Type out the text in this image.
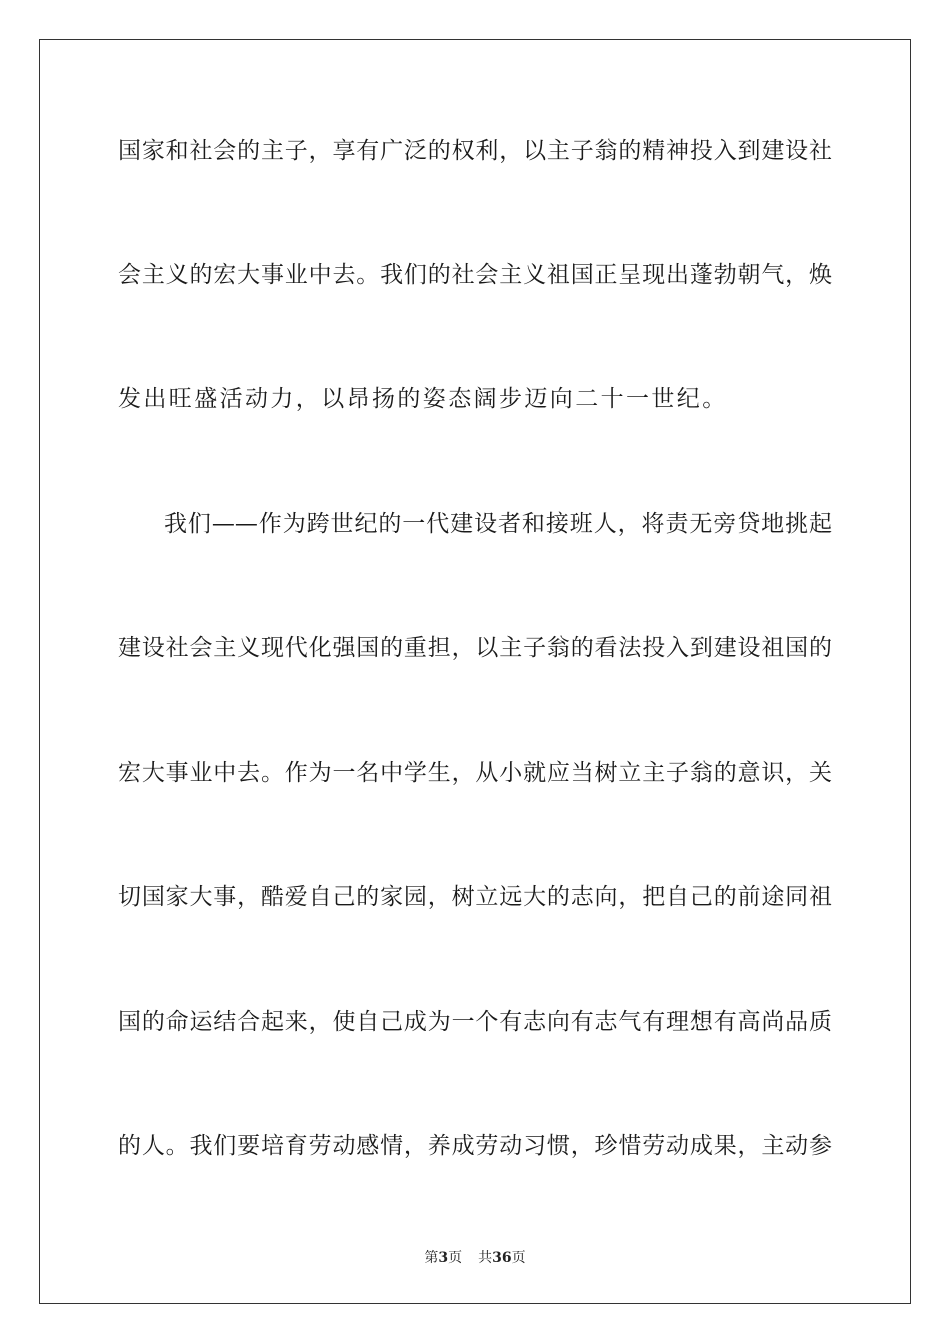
国家和社会的主子，享有广泛的权利，以主子翁的精神投入到建设社
会主义的宏大事业中去。我们的社会主义祖国正呈现出蓬勃朝气，焕
发出旺盛活动力，以昂扬的姿态阔步迈向二十一世纪。
我们——作为跨世纪的一代建设者和接班人，将责无旁贷地挑起
建设社会主义现代化强国的重担，以主子翁的看法投入到建设祖国的
宏大事业中去。作为一名中学生，从小就应当树立主子翁的意识，关
切国家大事，酷爱自己的家园，树立远大的志向，把自己的前途同祖
国的命运结合起来，使自己成为一个有志向有志气有理想有高尚品质
的人。我们要培育劳动感情，养成劳动习惯，珍惜劳动成果，主动参
第3页 共36页
